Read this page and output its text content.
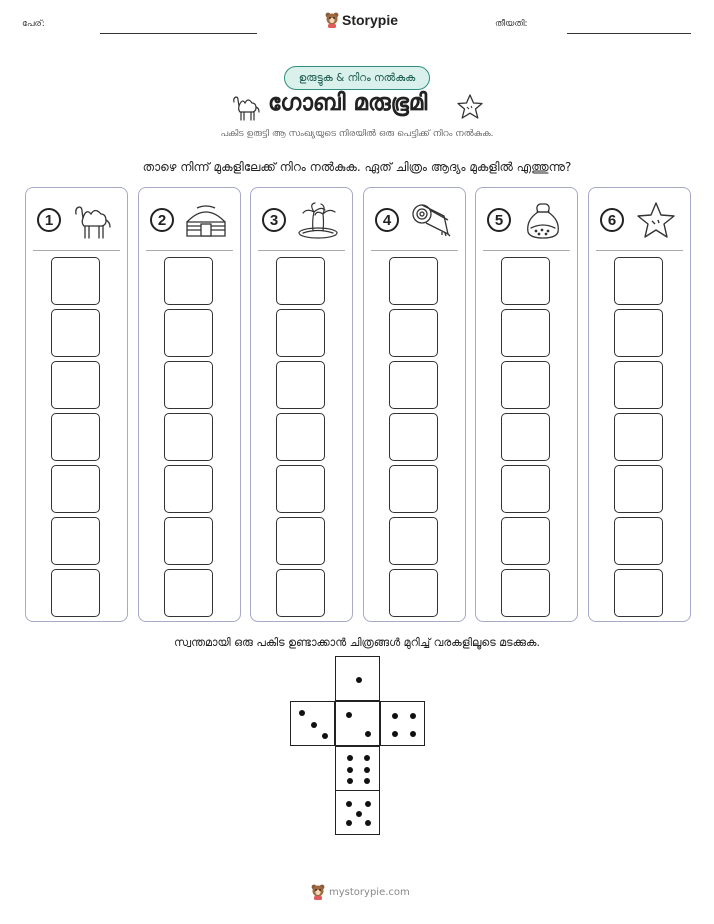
പേര്:	Storypie	തീയതി:
ഉരുട്ടുക & നിറം നൽകുക
ഗോബി മരുഭൂമി
പകിട ഉരുട്ടി ആ സംഖ്യയുടെ നിരയിൽ ഒരു പെട്ടിക്ക് നിറം നൽകുക.
താഴെ നിന്ന് മുകളിലേക്ക് നിറം നൽകുക. ഏത് ചിത്രം ആദ്യം മുകളിൽ എത്തുന്നു?
1	2	3	4	5	6
സ്വന്തമായി ഒരു പകിട ഉണ്ടാക്കാൻ ചിത്രങ്ങൾ മുറിച്ച് വരകളിലൂടെ മടക്കുക.
mystorypie.com
